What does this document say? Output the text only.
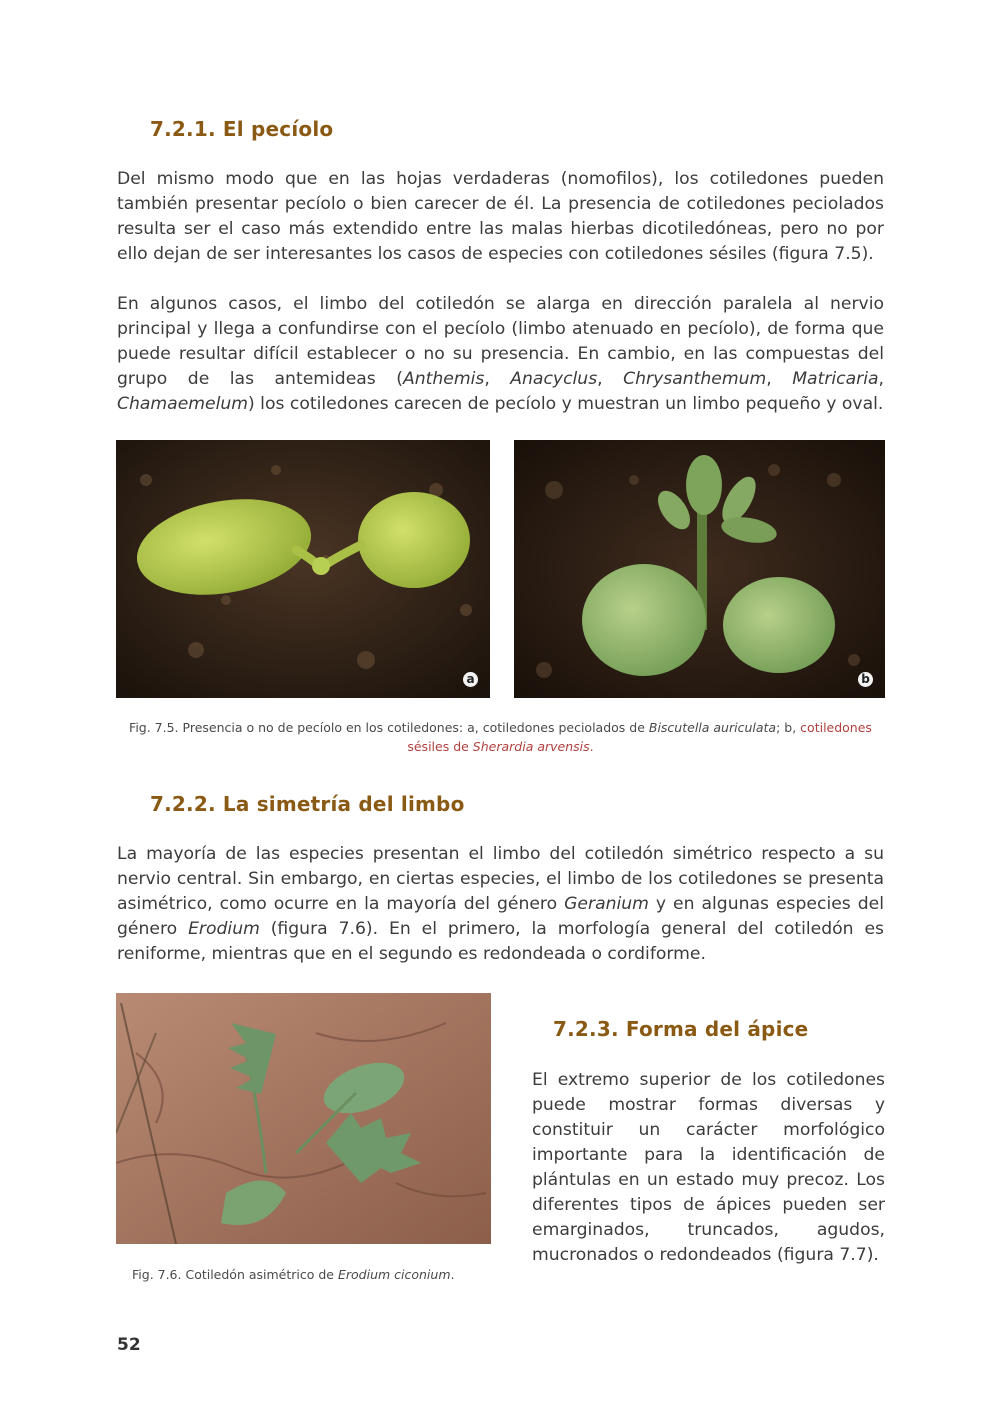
7.2.1. El pecíolo

Del mismo modo que en las hojas verdaderas (nomofilos), los cotiledones pueden también presentar pecíolo o bien carecer de él. La presencia de cotiledones peciolados resulta ser el caso más extendido entre las malas hierbas dicotiledóneas, pero no por ello dejan de ser interesantes los casos de especies con cotiledones sésiles (figura 7.5).

En algunos casos, el limbo del cotiledón se alarga en dirección paralela al nervio principal y llega a confundirse con el pecíolo (limbo atenuado en pecíolo), de forma que puede resultar difícil establecer o no su presencia. En cambio, en las compuestas del grupo de las antemideas (Anthemis, Anacyclus, Chrysanthemum, Matricaria, Chamaemelum) los cotiledones carecen de pecíolo y muestran un limbo pequeño y oval.

a	b

Fig. 7.5. Presencia o no de pecíolo en los cotiledones: a, cotiledones peciolados de Biscutella auriculata; b, cotiledones sésiles de Sherardia arvensis.

7.2.2. La simetría del limbo

La mayoría de las especies presentan el limbo del cotiledón simétrico respecto a su nervio central. Sin embargo, en ciertas especies, el limbo de los cotiledones se presenta asimétrico, como ocurre en la mayoría del género Geranium y en algunas especies del género Erodium (figura 7.6). En el primero, la morfología general del cotiledón es reniforme, mientras que en el segundo es redondeada o cordiforme.

Fig. 7.6. Cotiledón asimétrico de Erodium ciconium.

7.2.3. Forma del ápice

El extremo superior de los cotiledones puede mostrar formas diversas y constituir un carácter morfológico importante para la identificación de plántulas en un estado muy precoz. Los diferentes tipos de ápices pueden ser emarginados, truncados, agudos, mucronados o redondeados (figura 7.7).

52
